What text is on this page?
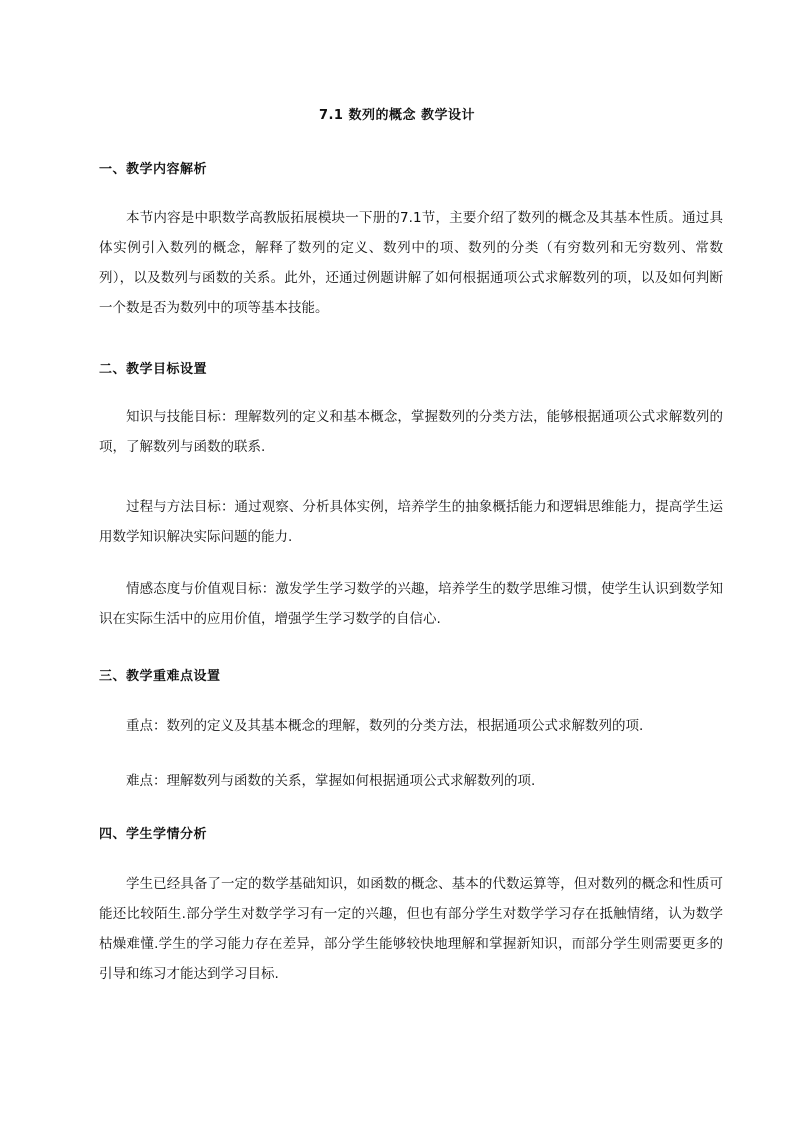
7.1 数列的概念 教学设计
一、教学内容解析
本节内容是中职数学高教版拓展模块一下册的7.1节，主要介绍了数列的概念及其基本性质。通过具体实例引入数列的概念，解释了数列的定义、数列中的项、数列的分类（有穷数列和无穷数列、常数列），以及数列与函数的关系。此外，还通过例题讲解了如何根据通项公式求解数列的项，以及如何判断一个数是否为数列中的项等基本技能。
二、教学目标设置
知识与技能目标：理解数列的定义和基本概念，掌握数列的分类方法，能够根据通项公式求解数列的项，了解数列与函数的联系.
过程与方法目标：通过观察、分析具体实例，培养学生的抽象概括能力和逻辑思维能力，提高学生运用数学知识解决实际问题的能力.
情感态度与价值观目标：激发学生学习数学的兴趣，培养学生的数学思维习惯，使学生认识到数学知识在实际生活中的应用价值，增强学生学习数学的自信心.
三、教学重难点设置
重点：数列的定义及其基本概念的理解，数列的分类方法，根据通项公式求解数列的项.
难点：理解数列与函数的关系，掌握如何根据通项公式求解数列的项.
四、学生学情分析
学生已经具备了一定的数学基础知识，如函数的概念、基本的代数运算等，但对数列的概念和性质可能还比较陌生.部分学生对数学学习有一定的兴趣，但也有部分学生对数学学习存在抵触情绪，认为数学枯燥难懂.学生的学习能力存在差异，部分学生能够较快地理解和掌握新知识，而部分学生则需要更多的引导和练习才能达到学习目标.
